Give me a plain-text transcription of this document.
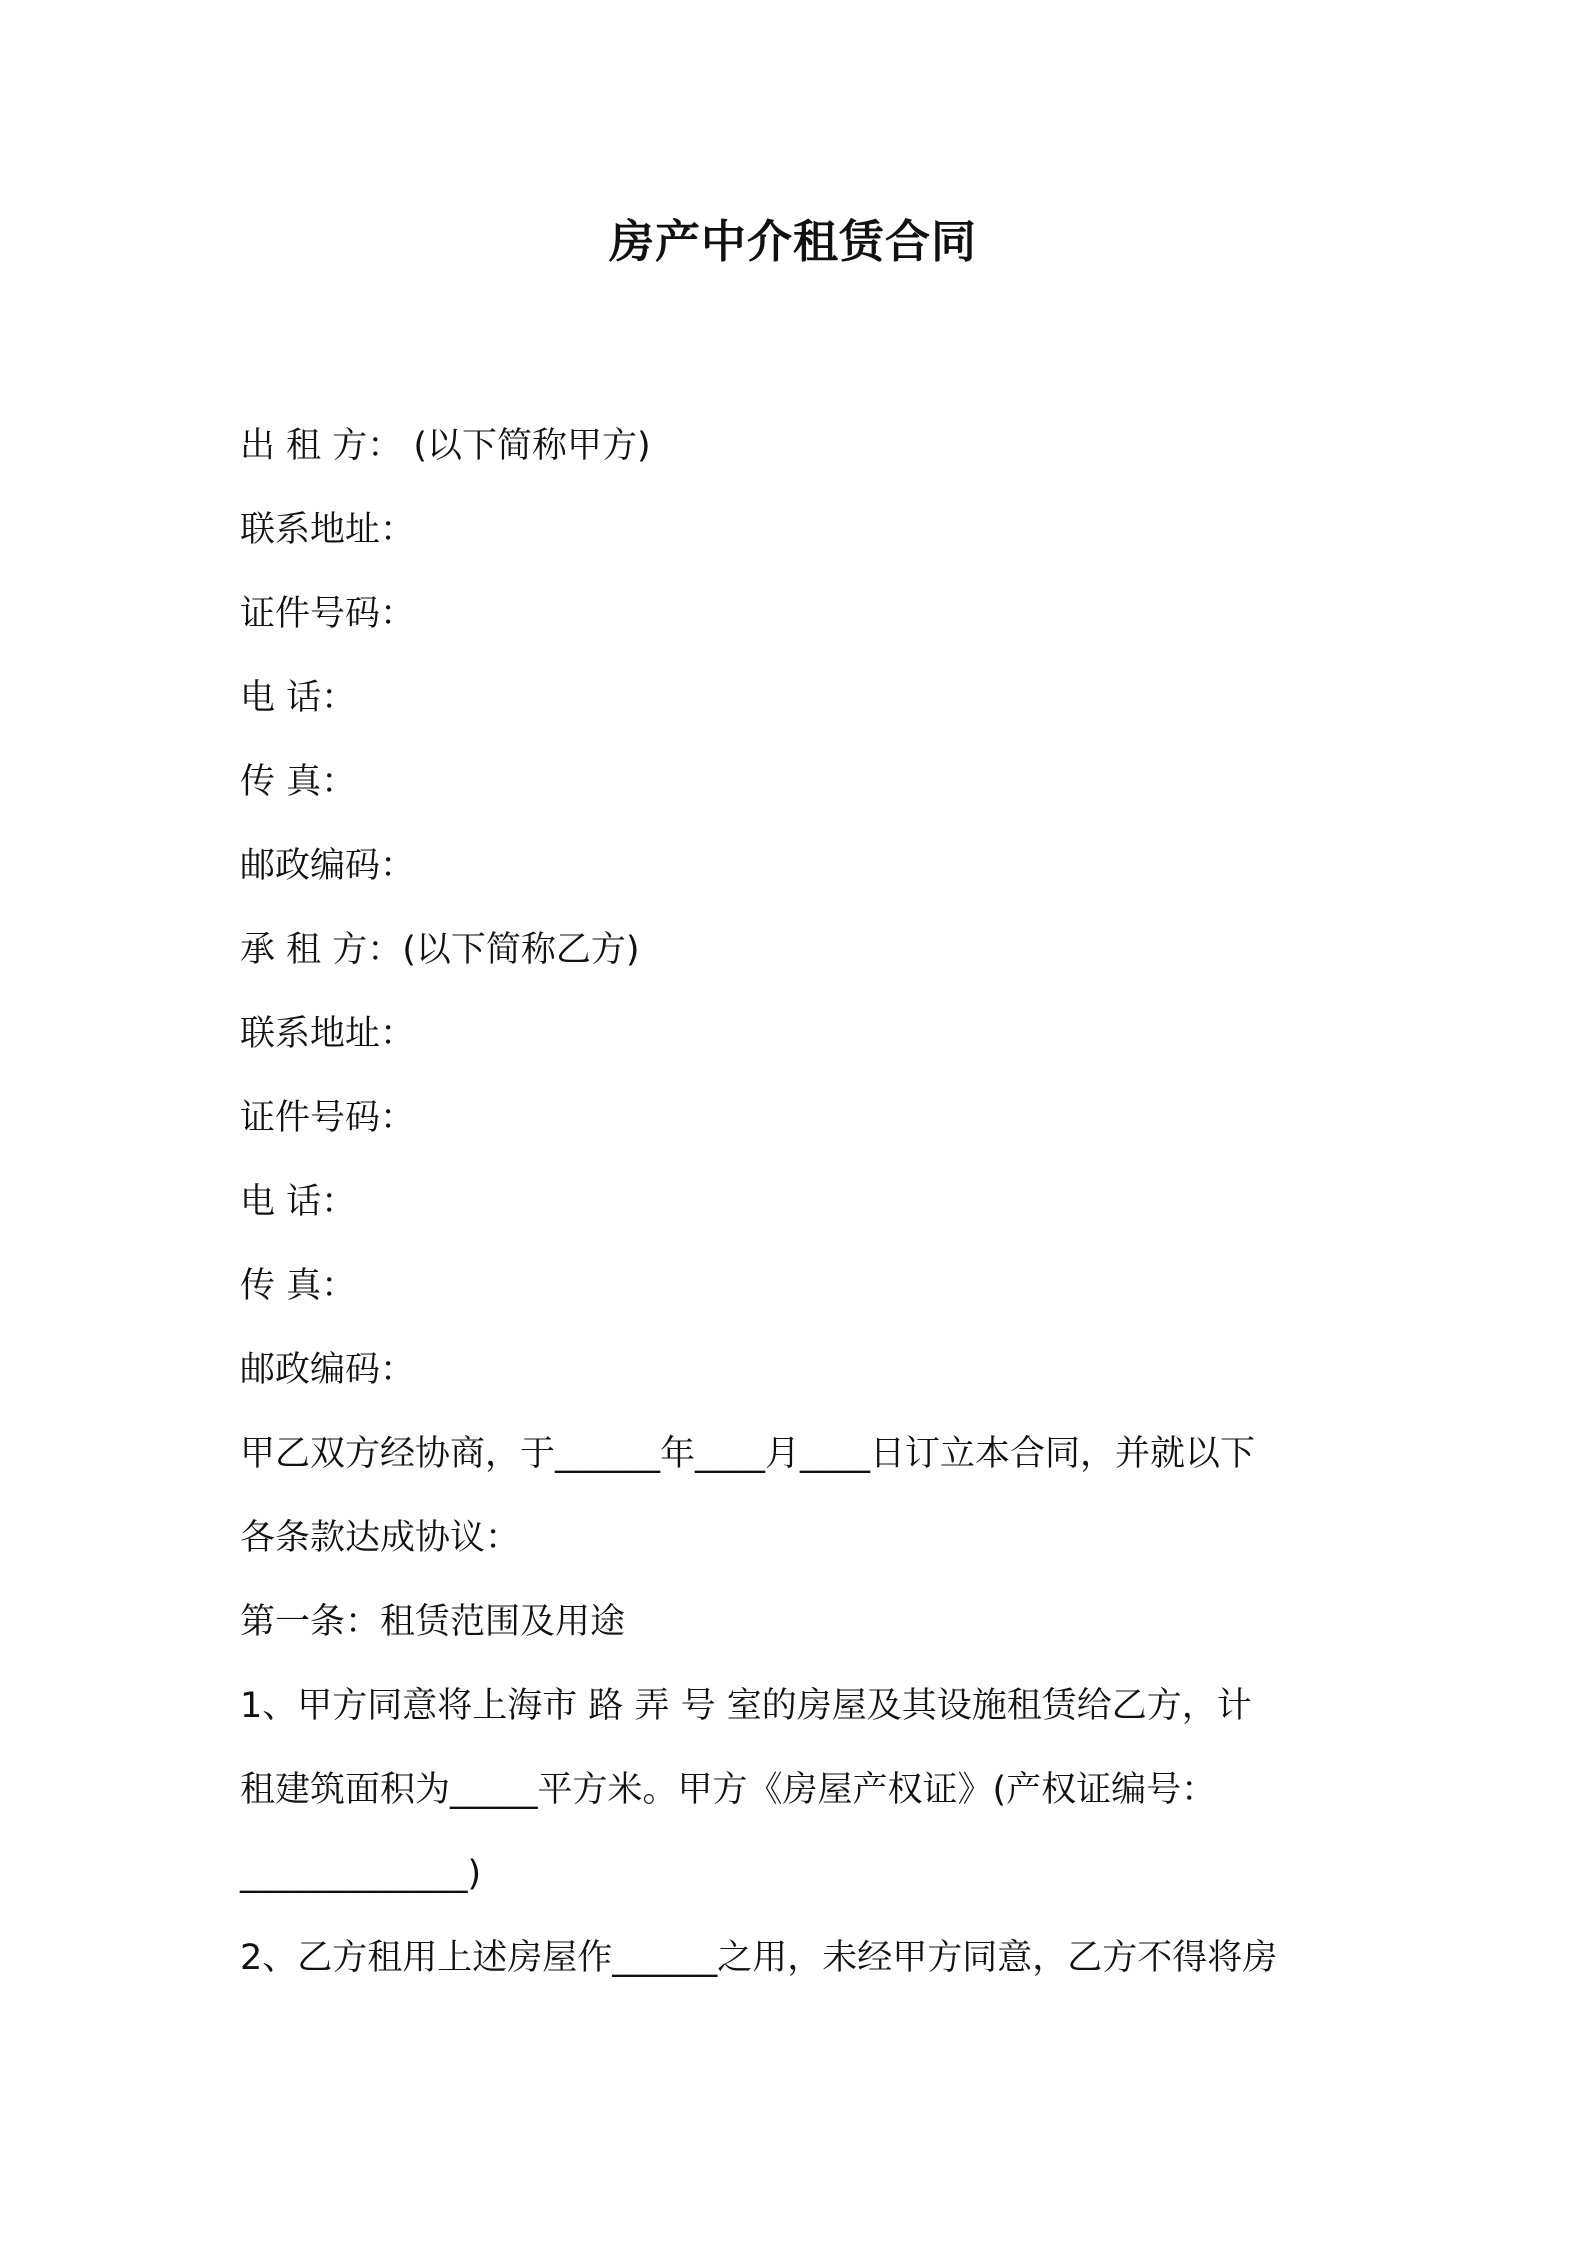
房产中介租赁合同
出 租 方： (以下简称甲方)
联系地址：
证件号码：
电 话：
传 真：
邮政编码：
承 租 方：(以下简称乙方)
联系地址：
证件号码：
电 话：
传 真：
邮政编码：
甲乙双方经协商，于______年____月____日订立本合同，并就以下
各条款达成协议：
第一条：租赁范围及用途
1、甲方同意将上海市 路 弄 号 室的房屋及其设施租赁给乙方，计
租建筑面积为_____平方米。甲方《房屋产权证》(产权证编号：
_____________)
2、乙方租用上述房屋作______之用，未经甲方同意，乙方不得将房
